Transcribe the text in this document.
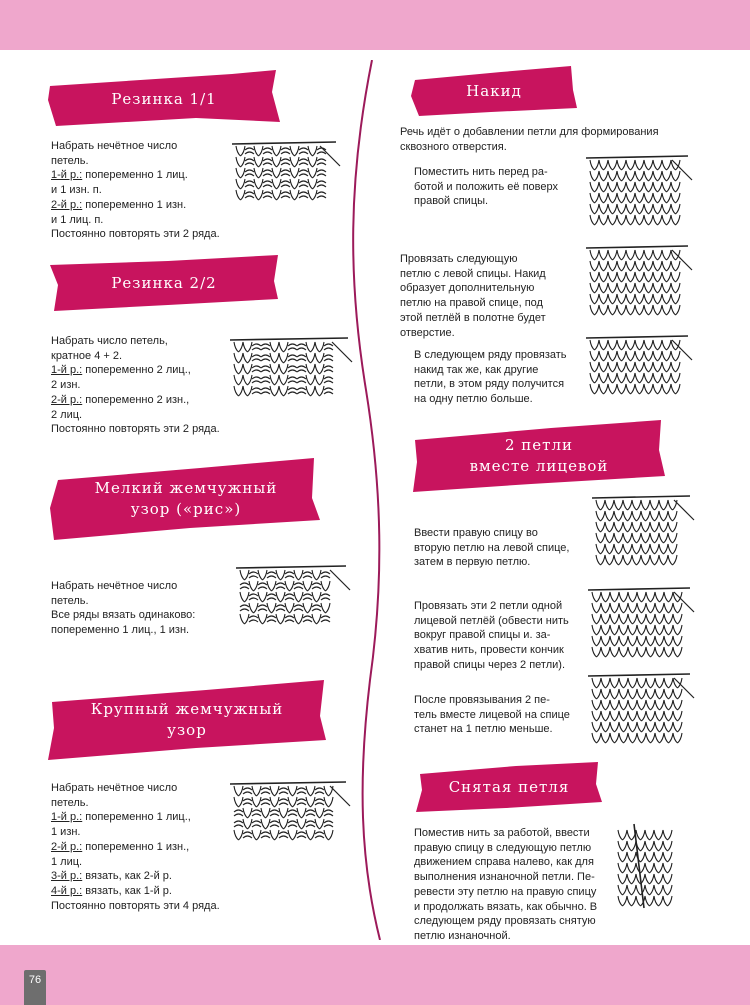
76
Резинка 1/1
Набрать нечётное число
петель.
1-й р.: попеременно 1 лиц.
и 1 изн. п.
2-й р.: попеременно 1 изн.
и 1 лиц. п.
Постоянно повторять эти 2 ряда.
Резинка 2/2
Набрать число петель,
кратное 4 + 2.
1-й р.: попеременно 2 лиц.,
2 изн.
2-й р.: попеременно 2 изн.,
2 лиц.
Постоянно повторять эти 2 ряда.
Мелкий жемчужный
узор («рис»)
Набрать нечётное число
петель.
Все ряды вязать одинаково:
попеременно 1 лиц., 1 изн.
Крупный жемчужный
узор
Набрать нечётное число
петель.
1-й р.: попеременно 1 лиц.,
1 изн.
2-й р.: попеременно 1 изн.,
1 лиц.
3-й р.: вязать, как 2-й р.
4-й р.: вязать, как 1-й р.
Постоянно повторять эти 4 ряда.
Накид
Речь идёт о добавлении петли для формирования
сквозного отверстия.
Поместить нить перед ра-
ботой и положить её поверх
правой спицы.
Провязать следующую
петлю с левой спицы. Накид
образует дополнительную
петлю на правой спице, под
этой петлёй в полотне будет
отверстие.
В следующем ряду провязать
накид так же, как другие
петли, в этом ряду получится
на одну петлю больше.
2 петли
вместе лицевой
Ввести правую спицу во
вторую петлю на левой спице,
затем в первую петлю.
Провязать эти 2 петли одной
лицевой петлёй (обвести нить
вокруг правой спицы и. за-
хватив нить, провести кончик
правой спицы через 2 петли).
После провязывания 2 пе-
тель вместе лицевой на спице
станет на 1 петлю меньше.
Снятая петля
Поместив нить за работой, ввести
правую спицу в следующую петлю
движением справа налево, как для
выполнения изнаночной петли. Пе-
ревести эту петлю на правую спицу
и продолжать вязать, как обычно. В
следующем ряду провязать снятую
петлю изнаночной.
